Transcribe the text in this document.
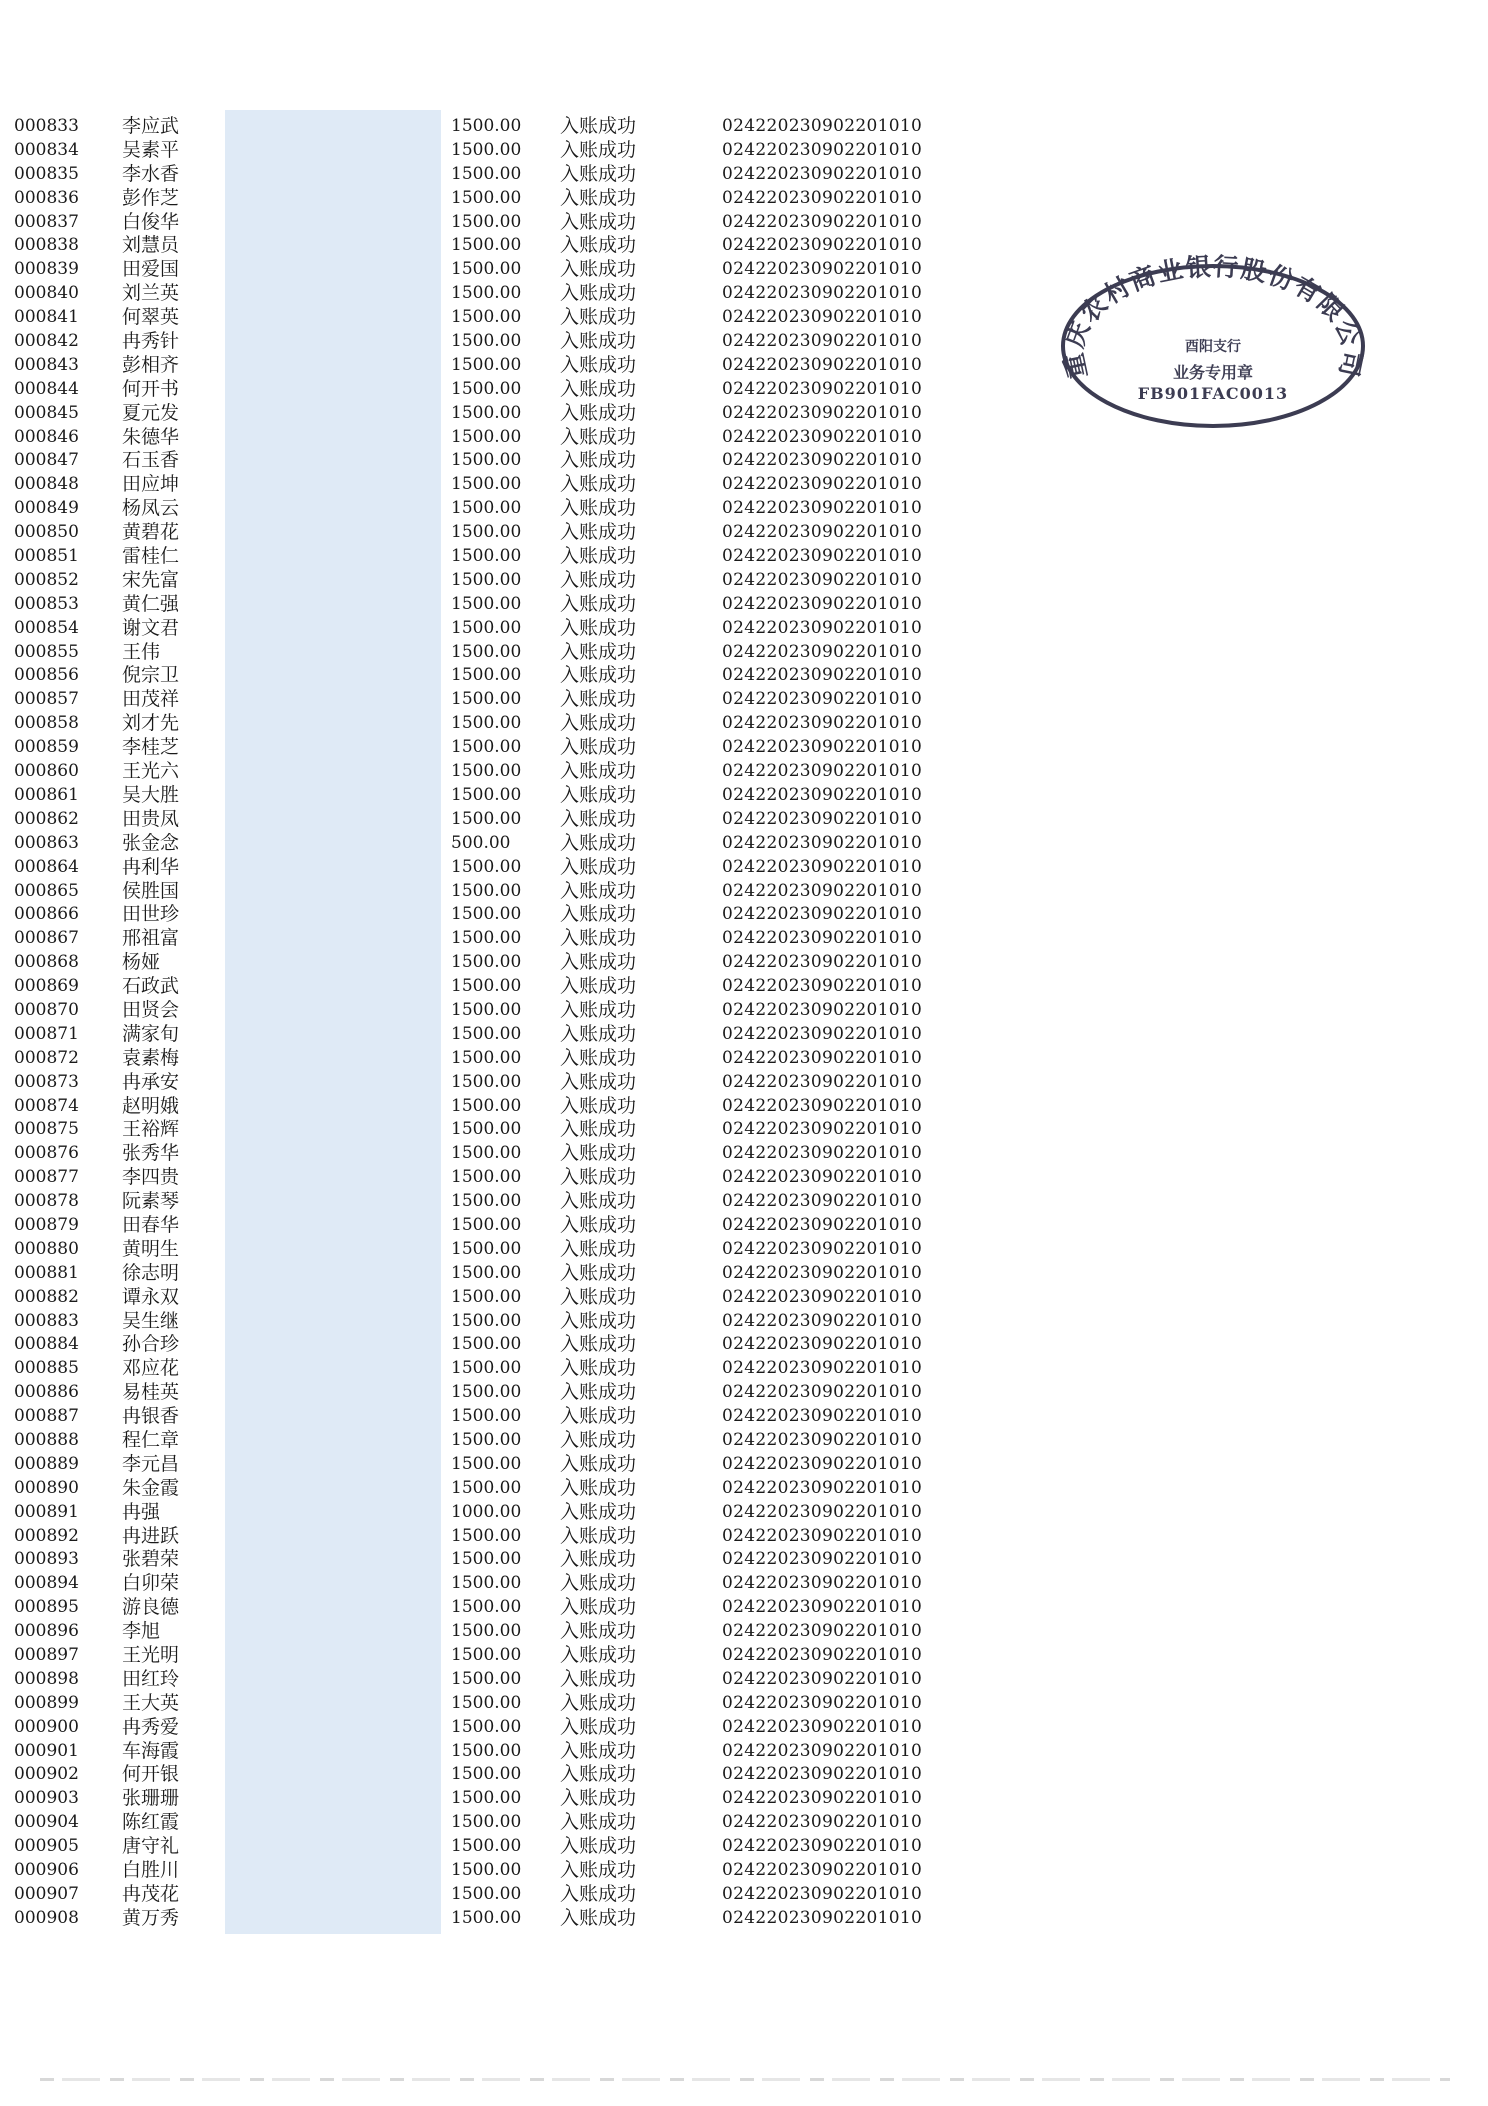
000833 李应武	1500.00 入账成功	024220230902201010
000834 吴素平	1500.00 入账成功	024220230902201010
000835 李水香	1500.00 入账成功	024220230902201010
000836 彭作芝	1500.00 入账成功	024220230902201010
000837 白俊华	1500.00 入账成功	024220230902201010
000838 刘慧员	1500.00 入账成功	024220230902201010
000839 田爱国	1500.00 入账成功	024220230902201010
000840 刘兰英	1500.00 入账成功	024220230902201010
000841 何翠英	1500.00 入账成功	024220230902201010
000842 冉秀针	1500.00 入账成功	024220230902201010
000843 彭相齐	1500.00 入账成功	024220230902201010
000844 何开书	1500.00 入账成功	024220230902201010
000845 夏元发	1500.00 入账成功	024220230902201010
000846 朱德华	1500.00 入账成功	024220230902201010
000847 石玉香	1500.00 入账成功	024220230902201010
000848 田应坤	1500.00 入账成功	024220230902201010
000849 杨凤云	1500.00 入账成功	024220230902201010
000850 黄碧花	1500.00 入账成功	024220230902201010
000851 雷桂仁	1500.00 入账成功	024220230902201010
000852 宋先富	1500.00 入账成功	024220230902201010
000853 黄仁强	1500.00 入账成功	024220230902201010
000854 谢文君	1500.00 入账成功	024220230902201010
000855 王伟	1500.00 入账成功	024220230902201010
000856 倪宗卫	1500.00 入账成功	024220230902201010
000857 田茂祥	1500.00 入账成功	024220230902201010
000858 刘才先	1500.00 入账成功	024220230902201010
000859 李桂芝	1500.00 入账成功	024220230902201010
000860 王光六	1500.00 入账成功	024220230902201010
000861 吴大胜	1500.00 入账成功	024220230902201010
000862 田贵凤	1500.00 入账成功	024220230902201010
000863 张金念	500.00	入账成功	024220230902201010
000864 冉利华	1500.00 入账成功	024220230902201010
000865 侯胜国	1500.00 入账成功	024220230902201010
000866 田世珍	1500.00 入账成功	024220230902201010
000867 邢祖富	1500.00 入账成功	024220230902201010
000868 杨娅	1500.00 入账成功	024220230902201010
000869 石政武	1500.00 入账成功	024220230902201010
000870 田贤会	1500.00 入账成功	024220230902201010
000871 满家旬	1500.00 入账成功	024220230902201010
000872 袁素梅	1500.00 入账成功	024220230902201010
000873 冉承安	1500.00 入账成功	024220230902201010
000874 赵明娥	1500.00 入账成功	024220230902201010
000875 王裕辉	1500.00 入账成功	024220230902201010
000876 张秀华	1500.00 入账成功	024220230902201010
000877 李四贵	1500.00 入账成功	024220230902201010
000878 阮素琴	1500.00 入账成功	024220230902201010
000879 田春华	1500.00 入账成功	024220230902201010
000880 黄明生	1500.00 入账成功	024220230902201010
000881 徐志明	1500.00 入账成功	024220230902201010
000882 谭永双	1500.00 入账成功	024220230902201010
000883 吴生继	1500.00 入账成功	024220230902201010
000884 孙合珍	1500.00 入账成功	024220230902201010
000885 邓应花	1500.00 入账成功	024220230902201010
000886 易桂英	1500.00 入账成功	024220230902201010
000887 冉银香	1500.00 入账成功	024220230902201010
000888 程仁章	1500.00 入账成功	024220230902201010
000889 李元昌	1500.00 入账成功	024220230902201010
000890 朱金霞	1500.00 入账成功	024220230902201010
000891 冉强	1000.00 入账成功	024220230902201010
000892 冉进跃	1500.00 入账成功	024220230902201010
000893 张碧荣	1500.00 入账成功	024220230902201010
000894 白卯荣	1500.00 入账成功	024220230902201010
000895 游良德	1500.00 入账成功	024220230902201010
000896 李旭	1500.00 入账成功	024220230902201010
000897 王光明	1500.00 入账成功	024220230902201010
000898 田红玲	1500.00 入账成功	024220230902201010
000899 王大英	1500.00 入账成功	024220230902201010
000900 冉秀爱	1500.00 入账成功	024220230902201010
000901 车海霞	1500.00 入账成功	024220230902201010
000902 何开银	1500.00 入账成功	024220230902201010
000903 张珊珊	1500.00 入账成功	024220230902201010
000904 陈红霞	1500.00 入账成功	024220230902201010
000905 唐守礼	1500.00 入账成功	024220230902201010
000906 白胜川	1500.00 入账成功	024220230902201010
000907 冉茂花	1500.00 入账成功	024220230902201010
000908 黄万秀	1500.00 入账成功	024220230902201010
重庆农村商业银行股份有限公司
酉阳支行
业务专用章
FB901FAC0013
